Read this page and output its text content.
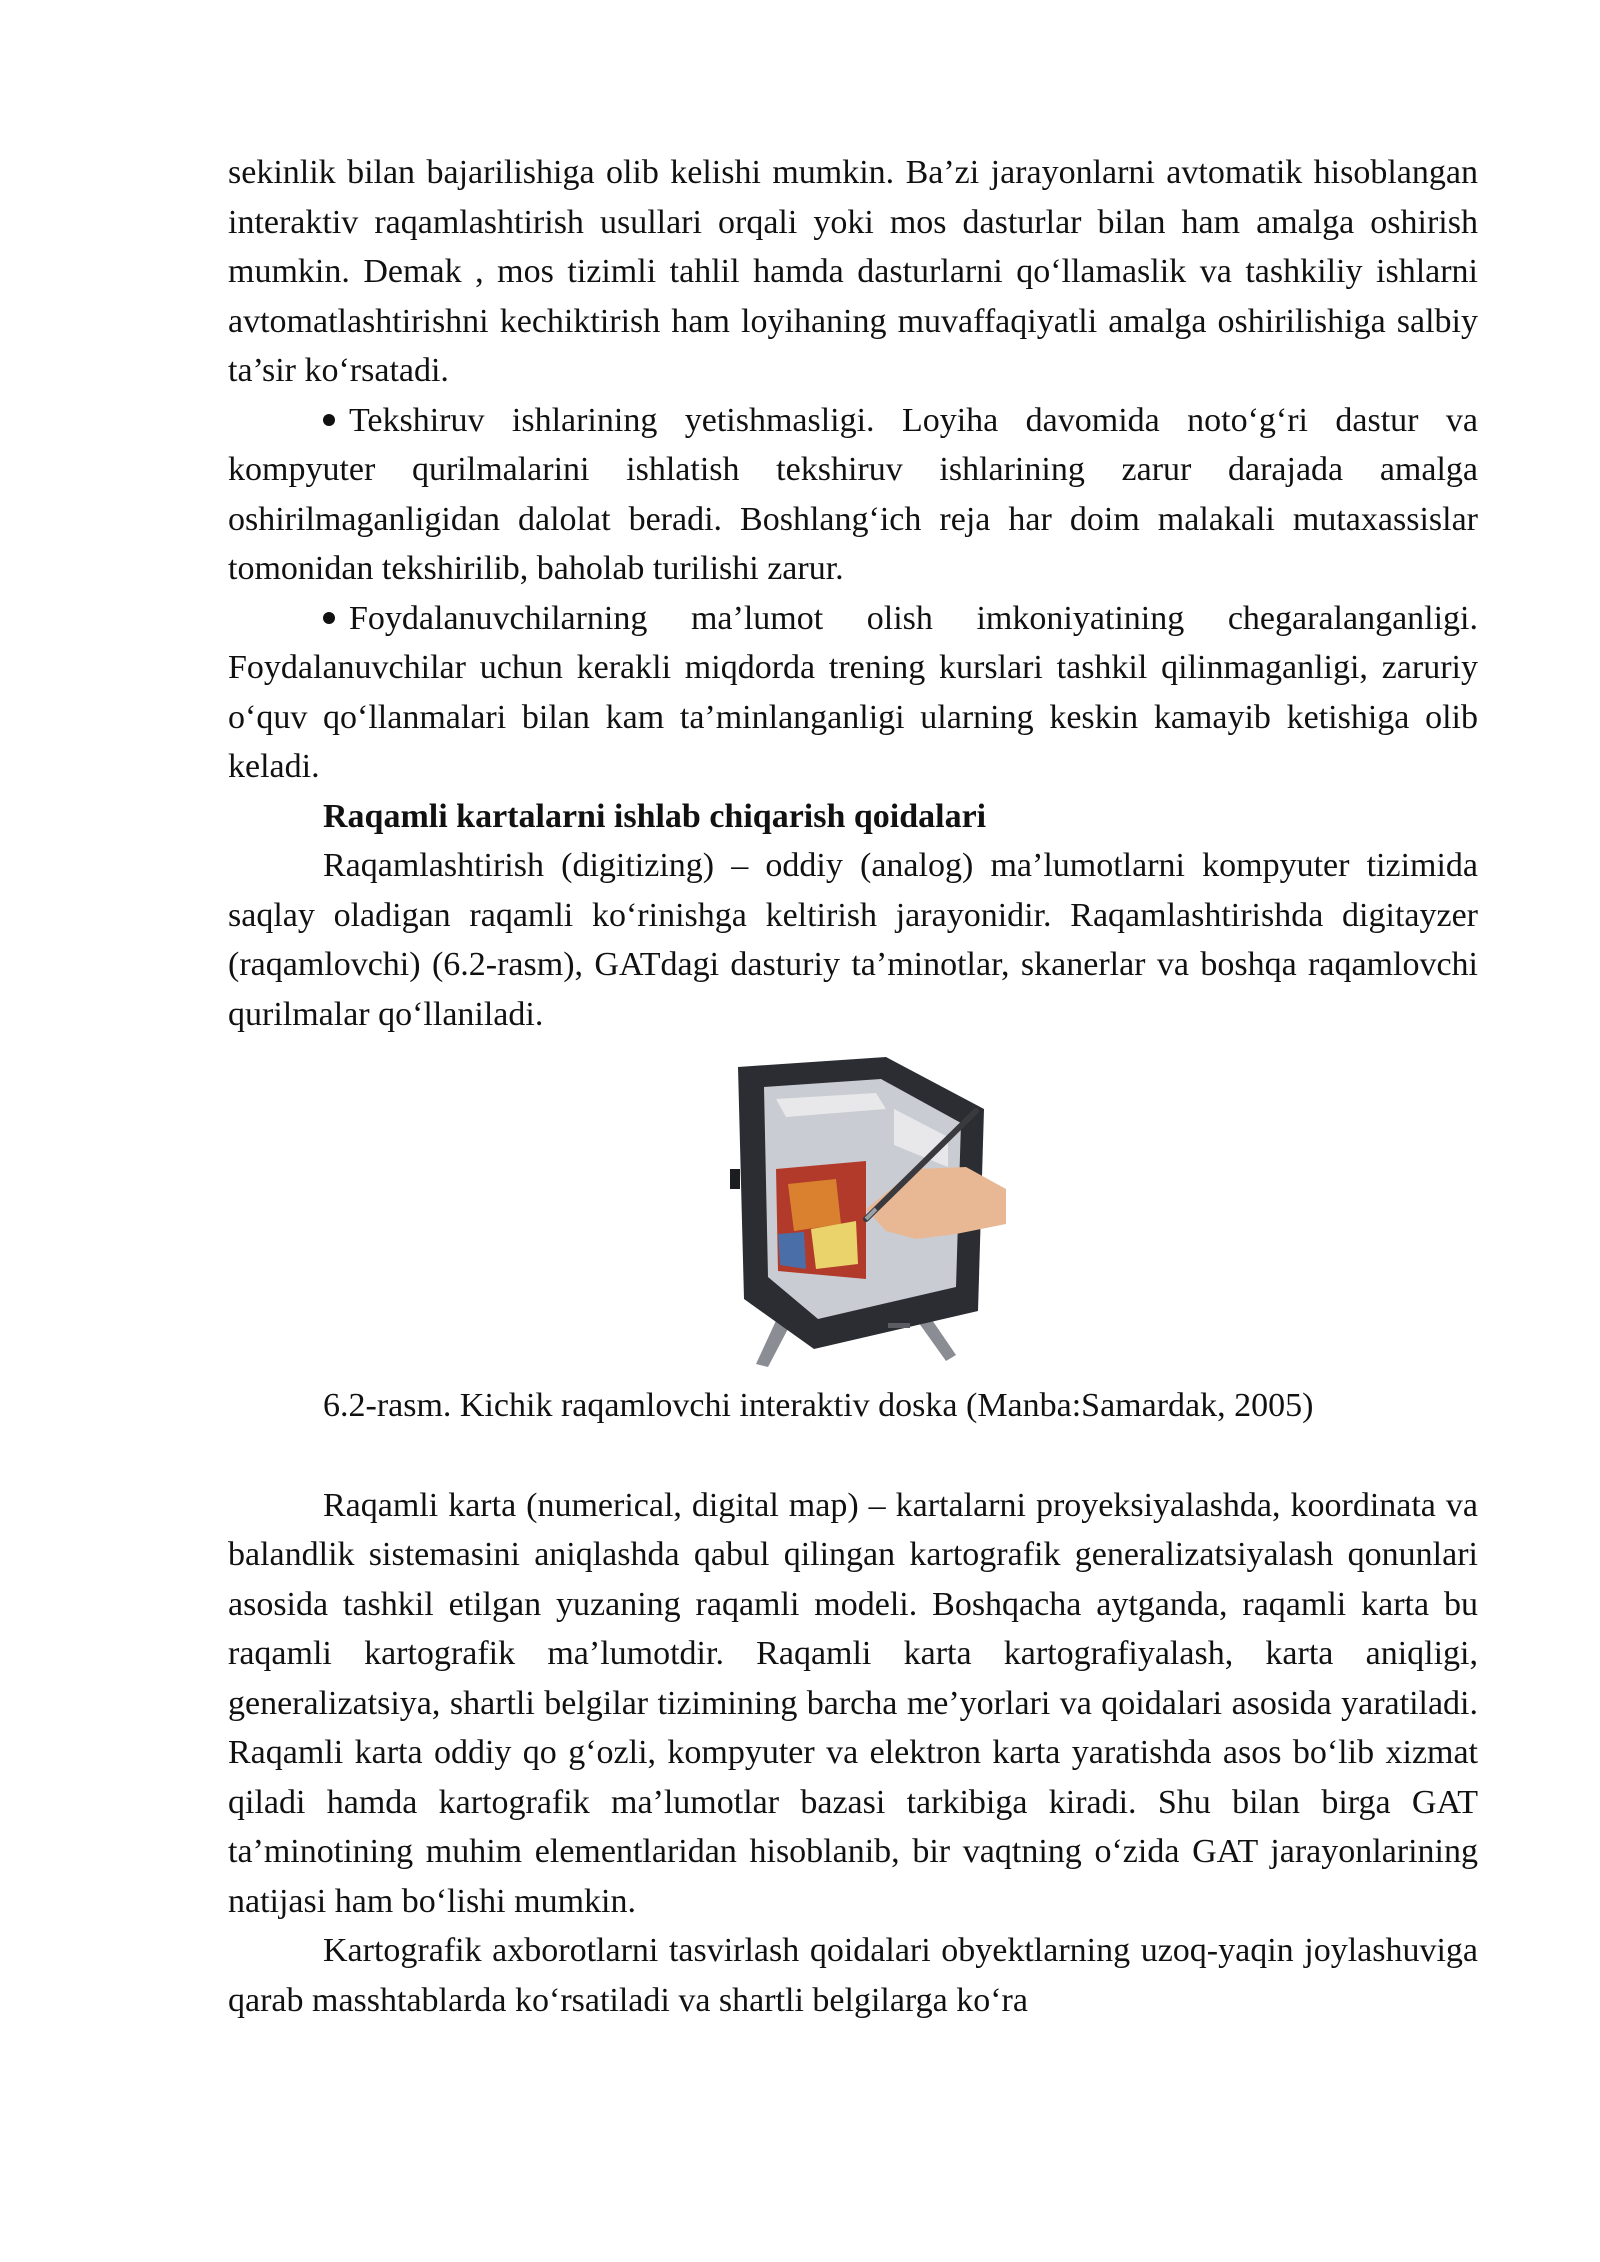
sekinlik bilan bajarilishiga olib kelishi mumkin. Ba’zi jarayonlarni avtomatik hisoblangan interaktiv raqamlashtirish usullari orqali yoki mos dasturlar bilan ham amalga oshirish mumkin. Demak , mos tizimli tahlil hamda dasturlarni qo‘llamaslik va tashkiliy ishlarni avtomatlashtirishni kechiktirish ham loyihaning muvaffaqiyatli amalga oshirilishiga salbiy ta’sir ko‘rsatadi.

Tekshiruv ishlarining yetishmasligi. Loyiha davomida noto‘g‘ri dastur va kompyuter qurilmalarini ishlatish tekshiruv ishlarining zarur darajada amalga oshirilmaganligidan dalolat beradi. Boshlang‘ich reja har doim malakali mutaxassislar tomonidan tekshirilib, baholab turilishi zarur.

Foydalanuvchilarning ma’lumot olish imkoniyatining chegaralanganligi. Foydalanuvchilar uchun kerakli miqdorda trening kurslari tashkil qilinmaganligi, zaruriy o‘quv qo‘llanmalari bilan kam ta’minlanganligi ularning keskin kamayib ketishiga olib keladi.

Raqamli kartalarni ishlab chiqarish qoidalari

Raqamlashtirish (digitizing) – oddiy (analog) ma’lumotlarni kompyuter tizimida saqlay oladigan raqamli ko‘rinishga keltirish jarayonidir. Raqamlashtirishda digitayzer (raqamlovchi) (6.2-rasm), GATdagi dasturiy ta’minotlar, skanerlar va boshqa raqamlovchi qurilmalar qo‘llaniladi.

6.2-rasm. Kichik raqamlovchi interaktiv doska (Manba:Samardak, 2005)

Raqamli karta (numerical, digital map) – kartalarni proyeksiyalashda, koordinata va balandlik sistemasini aniqlashda qabul qilingan kartografik generalizatsiyalash qonunlari asosida tashkil etilgan yuzaning raqamli modeli. Boshqacha aytganda, raqamli karta bu raqamli kartografik ma’lumotdir. Raqamli karta kartografiyalash, karta aniqligi, generalizatsiya, shartli belgilar tizimining barcha me’yorlari va qoidalari asosida yaratiladi. Raqamli karta oddiy qo g‘ozli, kompyuter va elektron karta yaratishda asos bo‘lib xizmat qiladi hamda kartografik ma’lumotlar bazasi tarkibiga kiradi. Shu bilan birga GAT ta’minotining muhim elementlaridan hisoblanib, bir vaqtning o‘zida GAT jarayonlarining natijasi ham bo‘lishi mumkin.

Kartografik axborotlarni tasvirlash qoidalari obyektlarning uzoq-yaqin joylashuviga qarab masshtablarda ko‘rsatiladi va shartli belgilarga ko‘ra
